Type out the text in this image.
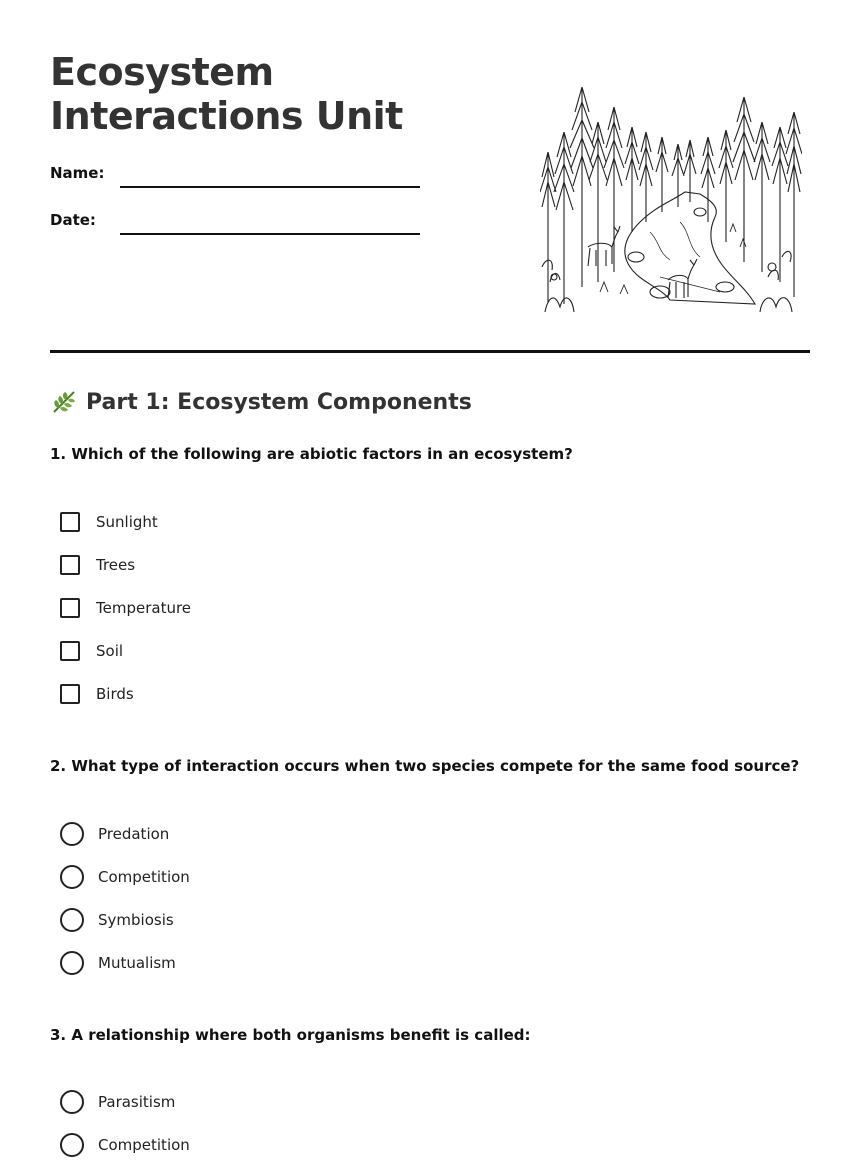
Ecosystem Interactions Unit
Name:
Date:
Part 1: Ecosystem Components

1. Which of the following are abiotic factors in an ecosystem?

Sunlight
Trees
Temperature
Soil
Birds

2. What type of interaction occurs when two species compete for the same food source?

Predation
Competition
Symbiosis
Mutualism

3. A relationship where both organisms benefit is called:

Parasitism
Competition
